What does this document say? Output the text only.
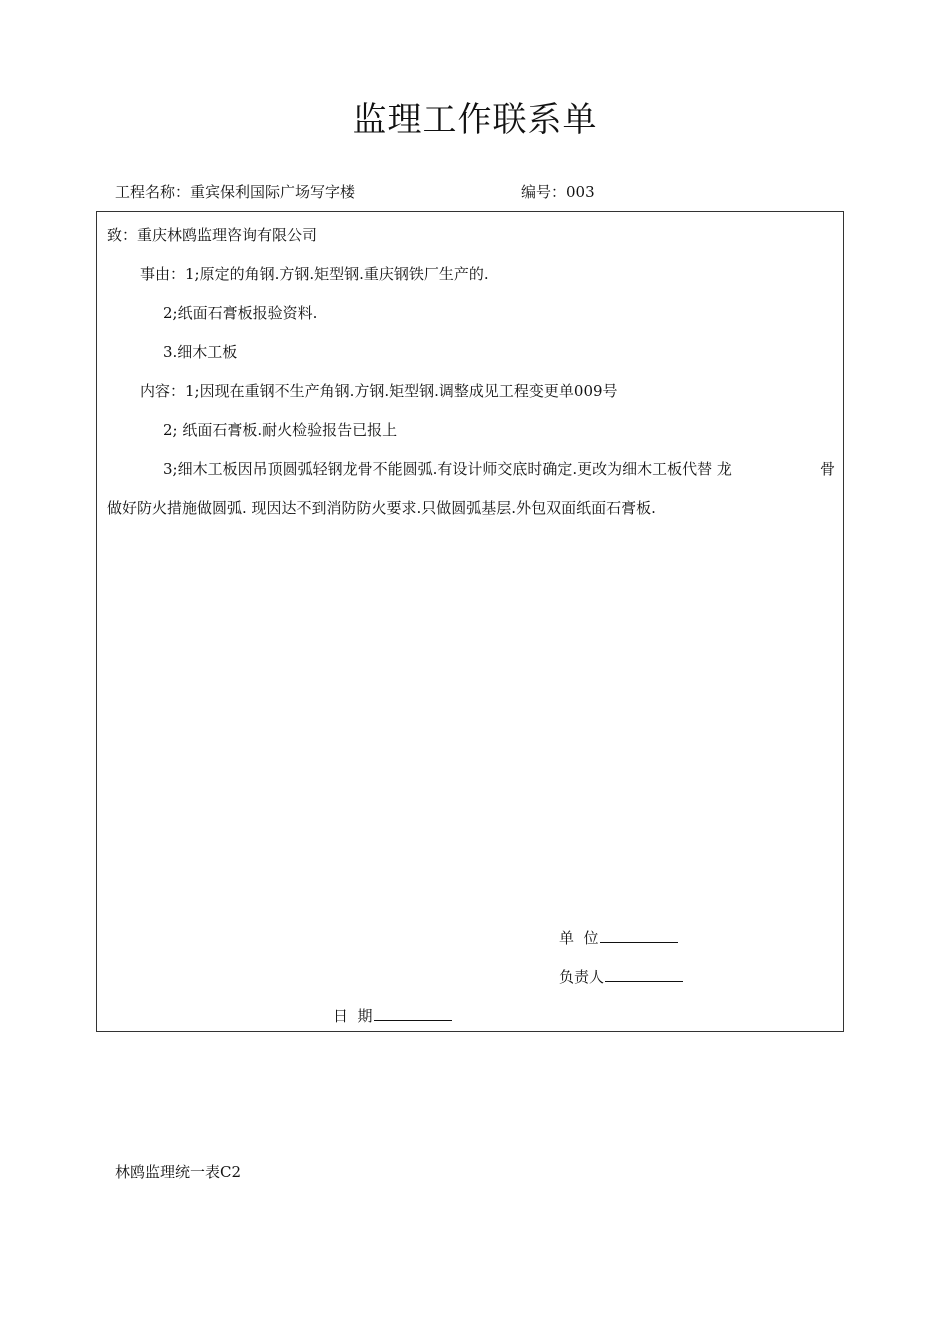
监理工作联系单
工程名称：重宾保利国际广场写字楼	编号：003
致：重庆林鸥监理咨询有限公司
事由：1;原定的角钢.方钢.矩型钢.重庆钢铁厂生产的.
2;纸面石膏板报验资料.
3.细木工板
内容：1;因现在重钢不生产角钢.方钢.矩型钢.调整成见工程变更单009号
2; 纸面石膏板.耐火检验报告已报上
3;细木工板因吊顶圆弧轻钢龙骨不能圆弧.有设计师交底时确定.更改为细木工板代替 龙	骨
做好防火措施做圆弧. 现因达不到消防防火要求.只做圆弧基层.外包双面纸面石膏板.
单  位
负责人
日  期
林鸥监理统一表C2
